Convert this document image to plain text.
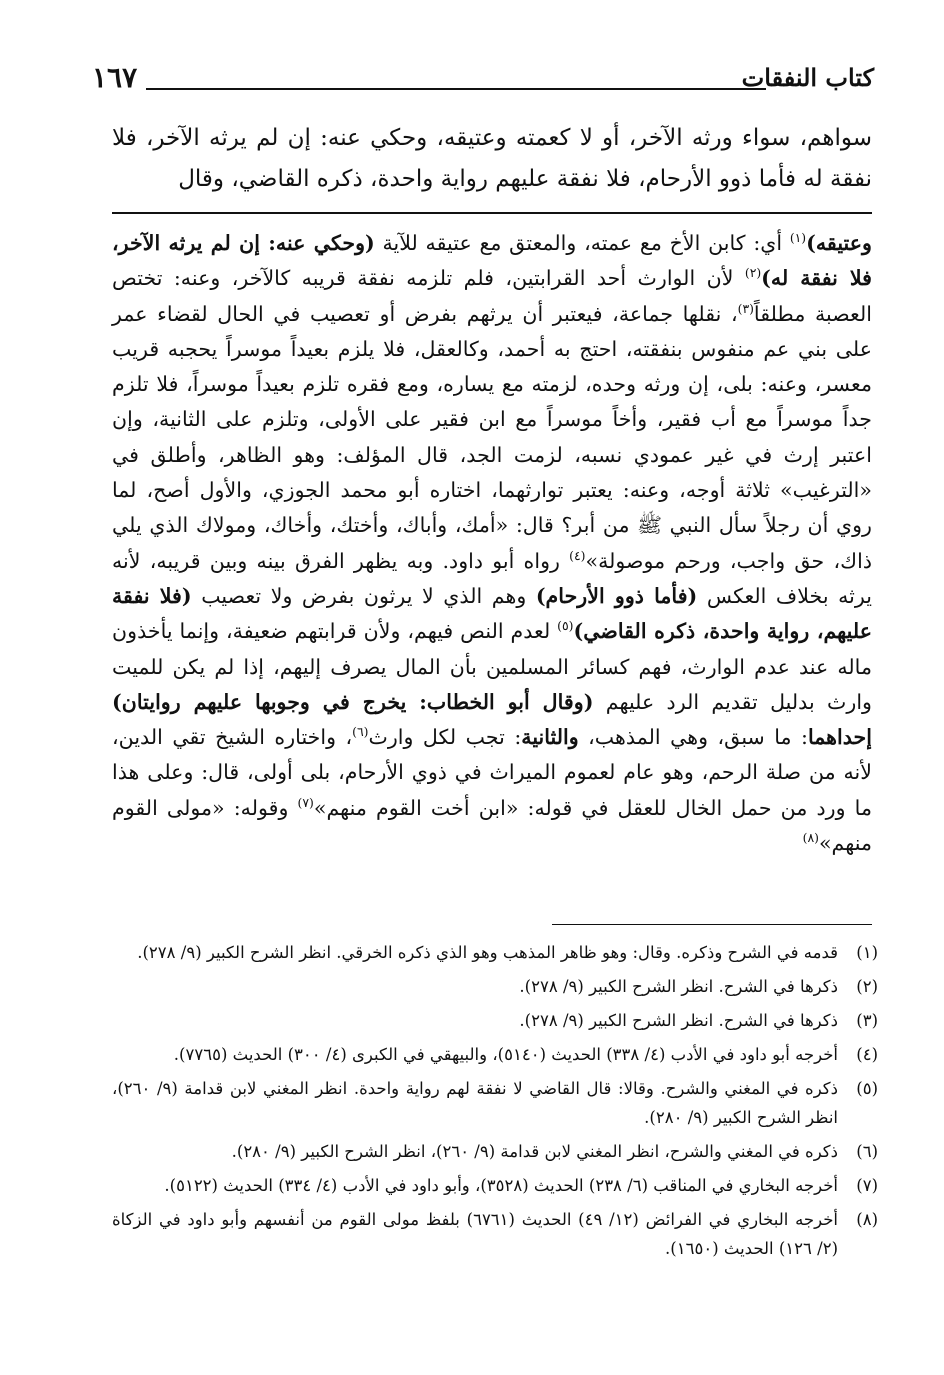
١٦٧	كتاب النفقات
سواهم، سواء ورثه الآخر، أو لا كعمته وعتيقه، وحكي عنه: إن لم يرثه الآخر، فلا نفقة له فأما ذوو الأرحام، فلا نفقة عليهم رواية واحدة، ذكره القاضي، وقال

وعتيقه)$^{(١)}$ أي: كابن الأخ مع عمته، والمعتق مع عتيقه للآية (وحكي عنه: إن لم يرثه الآخر، فلا نفقة له)$^{(٢)}$ لأن الوارث أحد القرابتين، فلم تلزمه نفقة قريبه كالآخر، وعنه: تختص العصبة مطلقاً$^{(٣)}$، نقلها جماعة، فيعتبر أن يرثهم بفرض أو تعصيب في الحال لقضاء عمر على بني عم منفوس بنفقته، احتج به أحمد، وكالعقل، فلا يلزم بعيداً موسراً يحجبه قريب معسر، وعنه: بلى، إن ورثه وحده، لزمته مع يساره، ومع فقره تلزم بعيداً موسراً، فلا تلزم جداً موسراً مع أب فقير، وأخاً موسراً مع ابن فقير على الأولى، وتلزم على الثانية، وإن اعتبر إرث في غير عمودي نسبه، لزمت الجد، قال المؤلف: وهو الظاهر، وأطلق في «الترغيب» ثلاثة أوجه، وعنه: يعتبر توارثهما، اختاره أبو محمد الجوزي، والأول أصح، لما روي أن رجلاً سأل النبي ﷺ من أبر؟ قال: «أمك، وأباك، وأختك، وأخاك، ومولاك الذي يلي ذاك، حق واجب، ورحم موصولة»$^{(٤)}$ رواه أبو داود. وبه يظهر الفرق بينه وبين قريبه، لأنه يرثه بخلاف العكس (فأما ذوو الأرحام) وهم الذي لا يرثون بفرض ولا تعصيب (فلا نفقة عليهم، رواية واحدة، ذكره القاضي)$^{(٥)}$ لعدم النص فيهم، ولأن قرابتهم ضعيفة، وإنما يأخذون ماله عند عدم الوارث، فهم كسائر المسلمين بأن المال يصرف إليهم، إذا لم يكن للميت وارث بدليل تقديم الرد عليهم (وقال أبو الخطاب: يخرج في وجوبها عليهم روايتان) إحداهما: ما سبق، وهي المذهب، والثانية: تجب لكل وارث$^{(٦)}$، واختاره الشيخ تقي الدين، لأنه من صلة الرحم، وهو عام لعموم الميراث في ذوي الأرحام، بلى أولى، قال: وعلى هذا ما ورد من حمل الخال للعقل في قوله: «ابن أخت القوم منهم»$^{(٧)}$ وقوله: «مولى القوم منهم»$^{(٨)}$

(١)
قدمه في الشرح وذكره. وقال: وهو ظاهر المذهب وهو الذي ذكره الخرقي. انظر الشرح الكبير (٩/ ٢٧٨).
(٢)
ذكرها في الشرح. انظر الشرح الكبير (٩/ ٢٧٨).
(٣)
ذكرها في الشرح. انظر الشرح الكبير (٩/ ٢٧٨).
(٤)
أخرجه أبو داود في الأدب (٤/ ٣٣٨) الحديث (٥١٤٠)، والبيهقي في الكبرى (٤/ ٣٠٠) الحديث (٧٧٦٥).
(٥)
ذكره في المغني والشرح. وقالا: قال القاضي لا نفقة لهم رواية واحدة. انظر المغني لابن قدامة (٩/ ٢٦٠)، انظر الشرح الكبير (٩/ ٢٨٠).
(٦)
ذكره في المغني والشرح، انظر المغني لابن قدامة (٩/ ٢٦٠)، انظر الشرح الكبير (٩/ ٢٨٠).
(٧)
أخرجه البخاري في المناقب (٦/ ٢٣٨) الحديث (٣٥٢٨)، وأبو داود في الأدب (٤/ ٣٣٤) الحديث (٥١٢٢).
(٨)
أخرجه البخاري في الفرائض (١٢/ ٤٩) الحديث (٦٧٦١) بلفظ مولى القوم من أنفسهم وأبو داود في الزكاة (٢/ ١٢٦) الحديث (١٦٥٠).
